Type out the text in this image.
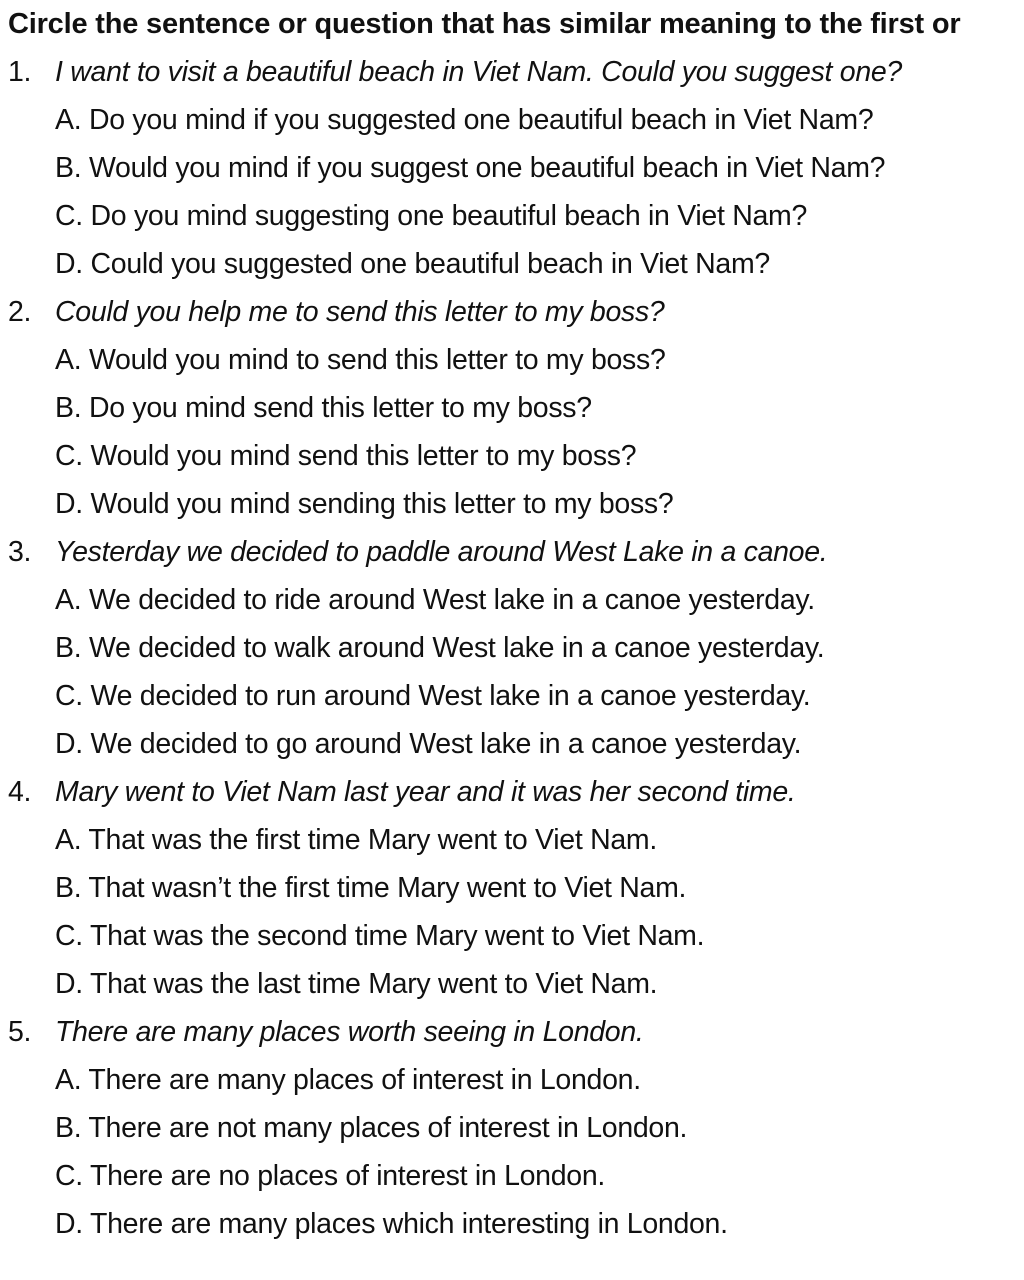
Circle the sentence or question that has similar meaning to the first or
1. I want to visit a beautiful beach in Viet Nam. Could you suggest one?
A. Do you mind if you suggested one beautiful beach in Viet Nam?
B. Would you mind if you suggest one beautiful beach in Viet Nam?
C. Do you mind suggesting one beautiful beach in Viet Nam?
D. Could you suggested one beautiful beach in Viet Nam?
2. Could you help me to send this letter to my boss?
A. Would you mind to send this letter to my boss?
B. Do you mind send this letter to my boss?
C. Would you mind send this letter to my boss?
D. Would you mind sending this letter to my boss?
3. Yesterday we decided to paddle around West Lake in a canoe.
A. We decided to ride around West lake in a canoe yesterday.
B. We decided to walk around West lake in a canoe yesterday.
C. We decided to run around West lake in a canoe yesterday.
D. We decided to go around West lake in a canoe yesterday.
4. Mary went to Viet Nam last year and it was her second time.
A. That was the first time Mary went to Viet Nam.
B. That wasn’t the first time Mary went to Viet Nam.
C. That was the second time Mary went to Viet Nam.
D. That was the last time Mary went to Viet Nam.
5. There are many places worth seeing in London.
A. There are many places of interest in London.
B. There are not many places of interest in London.
C. There are no places of interest in London.
D. There are many places which interesting in London.
